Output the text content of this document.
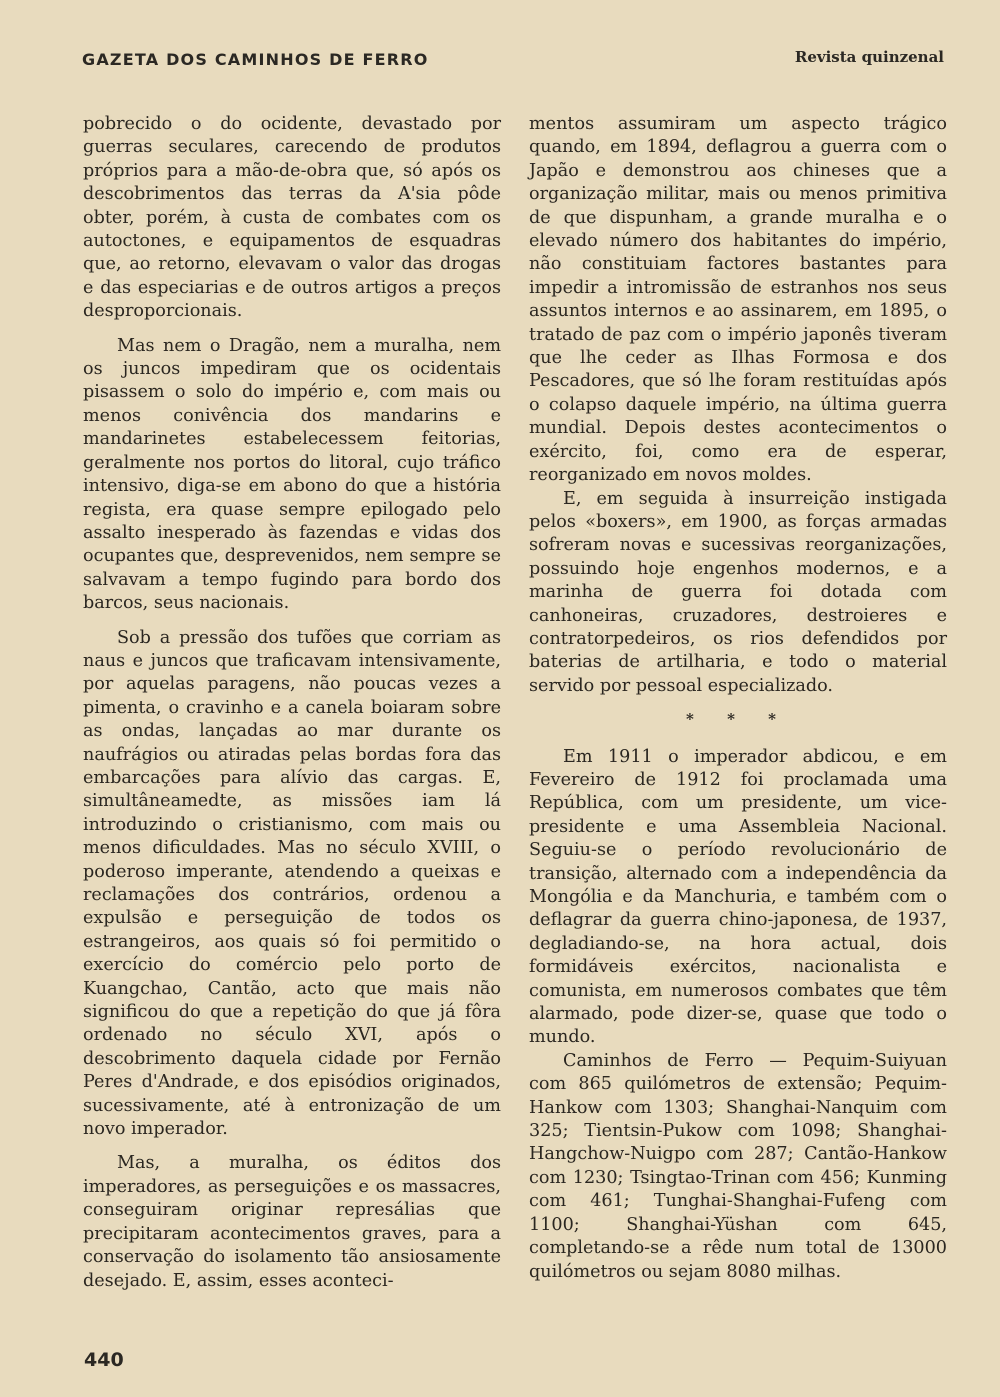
GAZETA DOS CAMINHOS DE FERRO	Revista quinzenal

pobrecido o do ocidente, devastado por guerras seculares, carecendo de produtos próprios para a mão-de-obra que, só após os descobrimentos das terras da A'sia pôde obter, porém, à custa de combates com os autoctones, e equipamentos de esquadras que, ao retorno, elevavam o valor das drogas e das especiarias e de outros artigos a preços desproporcionais.

Mas nem o Dragão, nem a muralha, nem os juncos impediram que os ocidentais pisassem o solo do império e, com mais ou menos conivência dos mandarins e mandarinetes estabelecessem feitorias, geralmente nos portos do litoral, cujo tráfico intensivo, diga-se em abono do que a história regista, era quase sempre epilogado pelo assalto inesperado às fazendas e vidas dos ocupantes que, desprevenidos, nem sempre se salvavam a tempo fugindo para bordo dos barcos, seus nacionais.

Sob a pressão dos tufões que corriam as naus e juncos que traficavam intensivamente, por aquelas paragens, não poucas vezes a pimenta, o cravinho e a canela boiaram sobre as ondas, lançadas ao mar durante os naufrágios ou atiradas pelas bordas fora das embarcações para alívio das cargas. E, simultâneamedte, as missões iam lá introduzindo o cristianismo, com mais ou menos dificuldades. Mas no século XVIII, o poderoso imperante, atendendo a queixas e reclamações dos contrários, ordenou a expulsão e perseguição de todos os estrangeiros, aos quais só foi permitido o exercício do comércio pelo porto de Kuangchao, Cantão, acto que mais não significou do que a repetição do que já fôra ordenado no século XVI, após o descobrimento daquela cidade por Fernão Peres d'Andrade, e dos episódios originados, sucessivamente, até à entronização de um novo imperador.

Mas, a muralha, os éditos dos imperadores, as perseguições e os massacres, conseguiram originar represálias que precipitaram acontecimentos graves, para a conservação do isolamento tão ansiosamente desejado. E, assim, esses aconteci-

mentos assumiram um aspecto trágico quando, em 1894, deflagrou a guerra com o Japão e demonstrou aos chineses que a organização militar, mais ou menos primitiva de que dispunham, a grande muralha e o elevado número dos habitantes do império, não constituiam factores bastantes para impedir a intromissão de estranhos nos seus assuntos internos e ao assinarem, em 1895, o tratado de paz com o império japonês tiveram que lhe ceder as Ilhas Formosa e dos Pescadores, que só lhe foram restituídas após o colapso daquele império, na última guerra mundial. Depois destes acontecimentos o exército, foi, como era de esperar, reorganizado em novos moldes.

E, em seguida à insurreição instigada pelos «boxers», em 1900, as forças armadas sofreram novas e sucessivas reorganizações, possuindo hoje engenhos modernos, e a marinha de guerra foi dotada com canhoneiras, cruzadores, destroieres e contratorpedeiros, os rios defendidos por baterias de artilharia, e todo o material servido por pessoal especializado.

* * *

Em 1911 o imperador abdicou, e em Fevereiro de 1912 foi proclamada uma República, com um presidente, um vice-presidente e uma Assembleia Nacional. Seguiu-se o período revolucionário de transição, alternado com a independência da Mongólia e da Manchuria, e também com o deflagrar da guerra chino-japonesa, de 1937, degladiando-se, na hora actual, dois formidáveis exércitos, nacionalista e comunista, em numerosos combates que têm alarmado, pode dizer-se, quase que todo o mundo.

Caminhos de Ferro — Pequim-Suiyuan com 865 quilómetros de extensão; Pequim-Hankow com 1303; Shanghai-Nanquim com 325; Tientsin-Pukow com 1098; Shanghai-Hangchow-Nuigpo com 287; Cantão-Hankow com 1230; Tsingtao-Trinan com 456; Kunming com 461; Tunghai-Shanghai-Fufeng com 1100; Shanghai-Yüshan com 645, completando-se a rêde num total de 13000 quilómetros ou sejam 8080 milhas.

440
